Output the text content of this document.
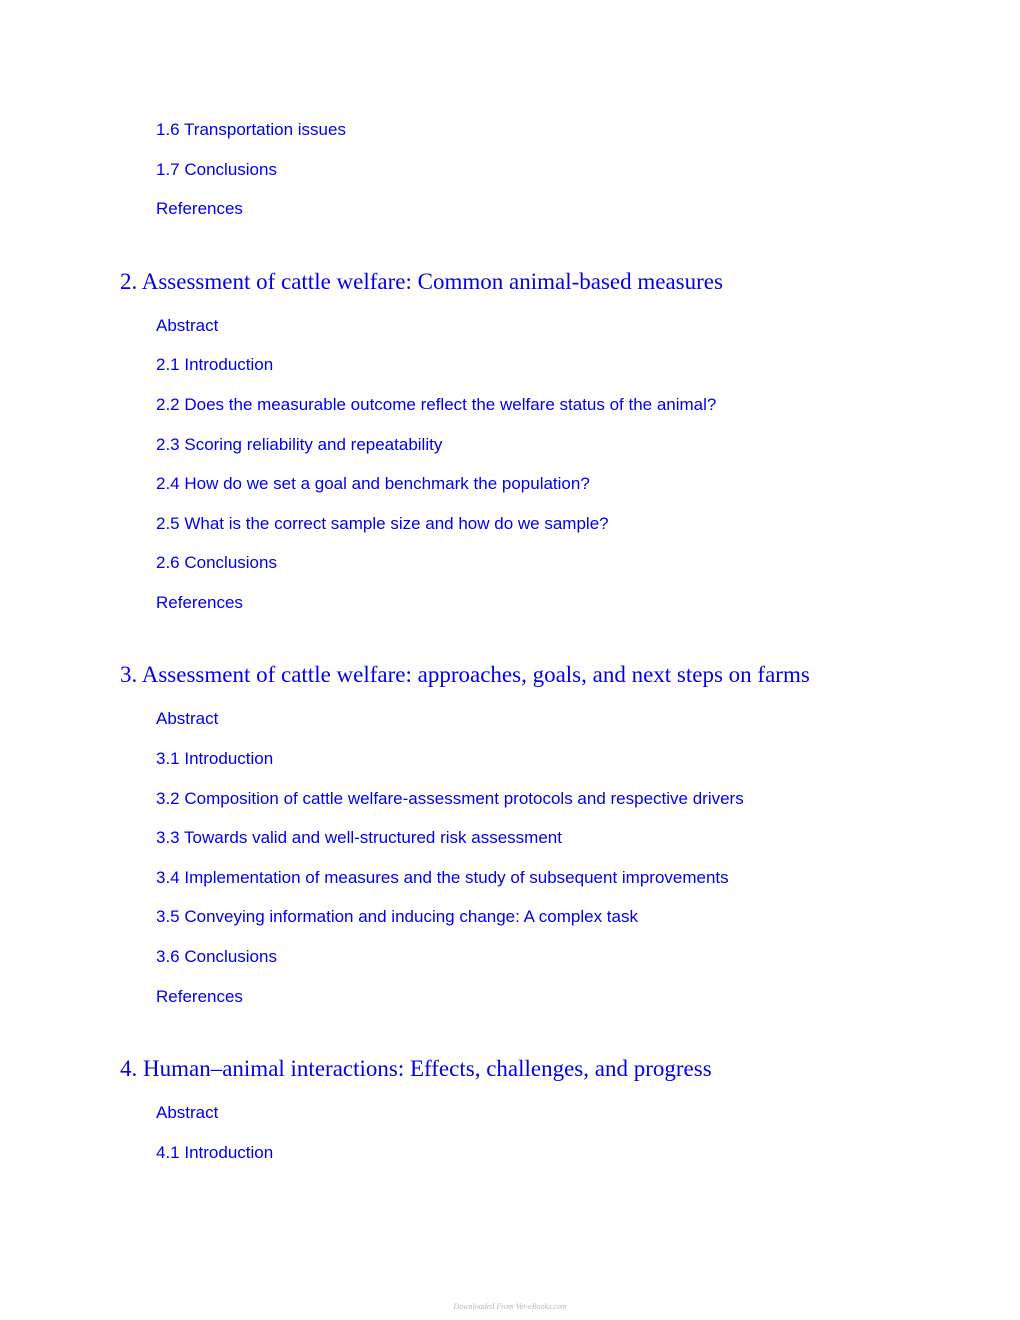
1.6 Transportation issues
1.7 Conclusions
References
2. Assessment of cattle welfare: Common animal-based measures
Abstract
2.1 Introduction
2.2 Does the measurable outcome reflect the welfare status of the animal?
2.3 Scoring reliability and repeatability
2.4 How do we set a goal and benchmark the population?
2.5 What is the correct sample size and how do we sample?
2.6 Conclusions
References
3. Assessment of cattle welfare: approaches, goals, and next steps on farms
Abstract
3.1 Introduction
3.2 Composition of cattle welfare-assessment protocols and respective drivers
3.3 Towards valid and well-structured risk assessment
3.4 Implementation of measures and the study of subsequent improvements
3.5 Conveying information and inducing change: A complex task
3.6 Conclusions
References
4. Human–animal interactions: Effects, challenges, and progress
Abstract
4.1 Introduction
Downloaded From Vet-eBooks.com
